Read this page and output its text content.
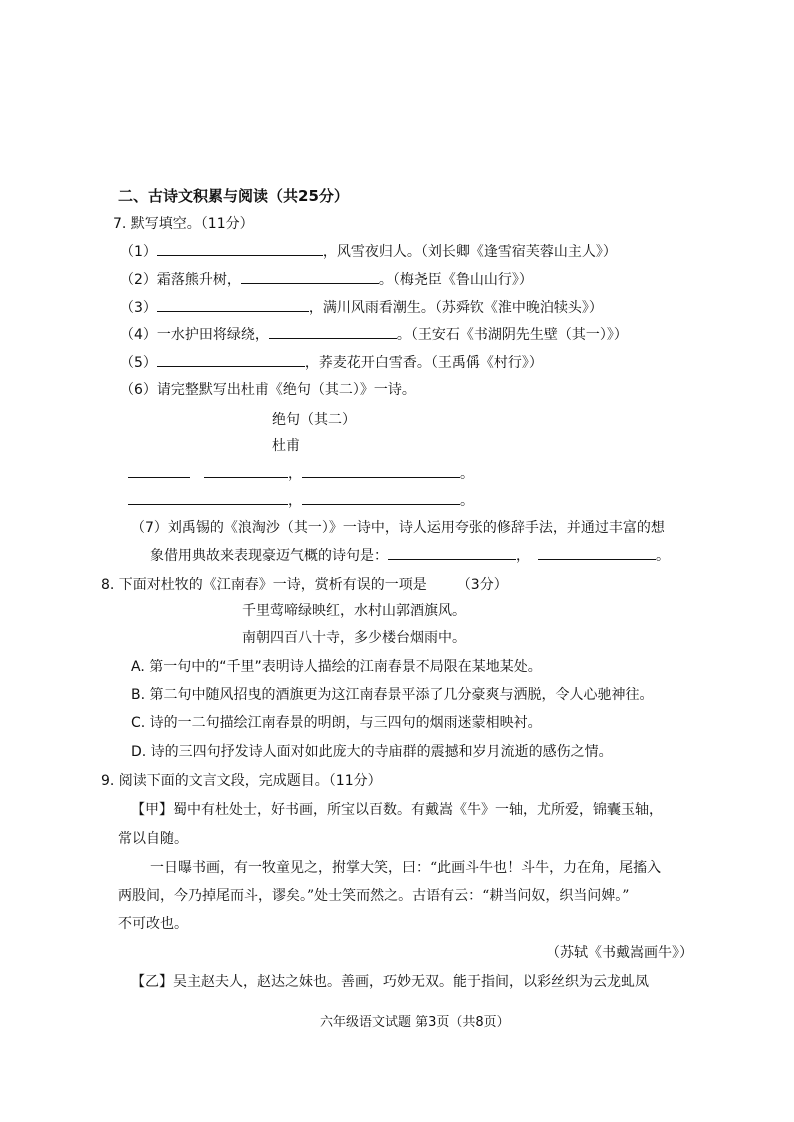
二、古诗文积累与阅读（共25分）
7. 默写填空。（11分）
（1）	，风雪夜归人。（刘长卿《逢雪宿芙蓉山主人》）
（2）霜落熊升树，	。（梅尧臣《鲁山山行》）
（3）	，满川风雨看潮生。（苏舜钦《淮中晚泊犊头》）
（4）一水护田将绿绕，	。（王安石《书湖阴先生壁（其一）》）
（5）	，荞麦花开白雪香。（王禹偁《村行》）
（6）请完整默写出杜甫《绝句（其二）》一诗。
绝句（其二）
杜甫
，	。
，	。
（7）刘禹锡的《浪淘沙（其一）》一诗中，诗人运用夸张的修辞手法，并通过丰富的想
象借用典故来表现豪迈气概的诗句是：	，	。
8. 下面对杜牧的《江南春》一诗，赏析有误的一项是 （3分）
千里莺啼绿映红，水村山郭酒旗风。
南朝四百八十寺，多少楼台烟雨中。
A. 第一句中的“千里”表明诗人描绘的江南春景不局限在某地某处。
B. 第二句中随风招曳的酒旗更为这江南春景平添了几分豪爽与洒脱，令人心驰神往。
C. 诗的一二句描绘江南春景的明朗，与三四句的烟雨迷蒙相映衬。
D. 诗的三四句抒发诗人面对如此庞大的寺庙群的震撼和岁月流逝的感伤之情。
9. 阅读下面的文言文段，完成题目。（11分）
【甲】蜀中有杜处士，好书画，所宝以百数。有戴嵩《牛》一轴，尤所爱，锦囊玉轴，
常以自随。
一日曝书画，有一牧童见之，拊掌大笑，曰：“此画斗牛也！斗牛，力在角，尾搐入
两股间，今乃掉尾而斗，谬矣。”处士笑而然之。古语有云：“耕当问奴，织当问婢。”
不可改也。
（苏轼《书戴嵩画牛》）
【乙】吴主赵夫人，赵达之妹也。善画，巧妙无双。能于指间，以彩丝织为云龙虬凤
六年级语文试题 第3页（共8页）
